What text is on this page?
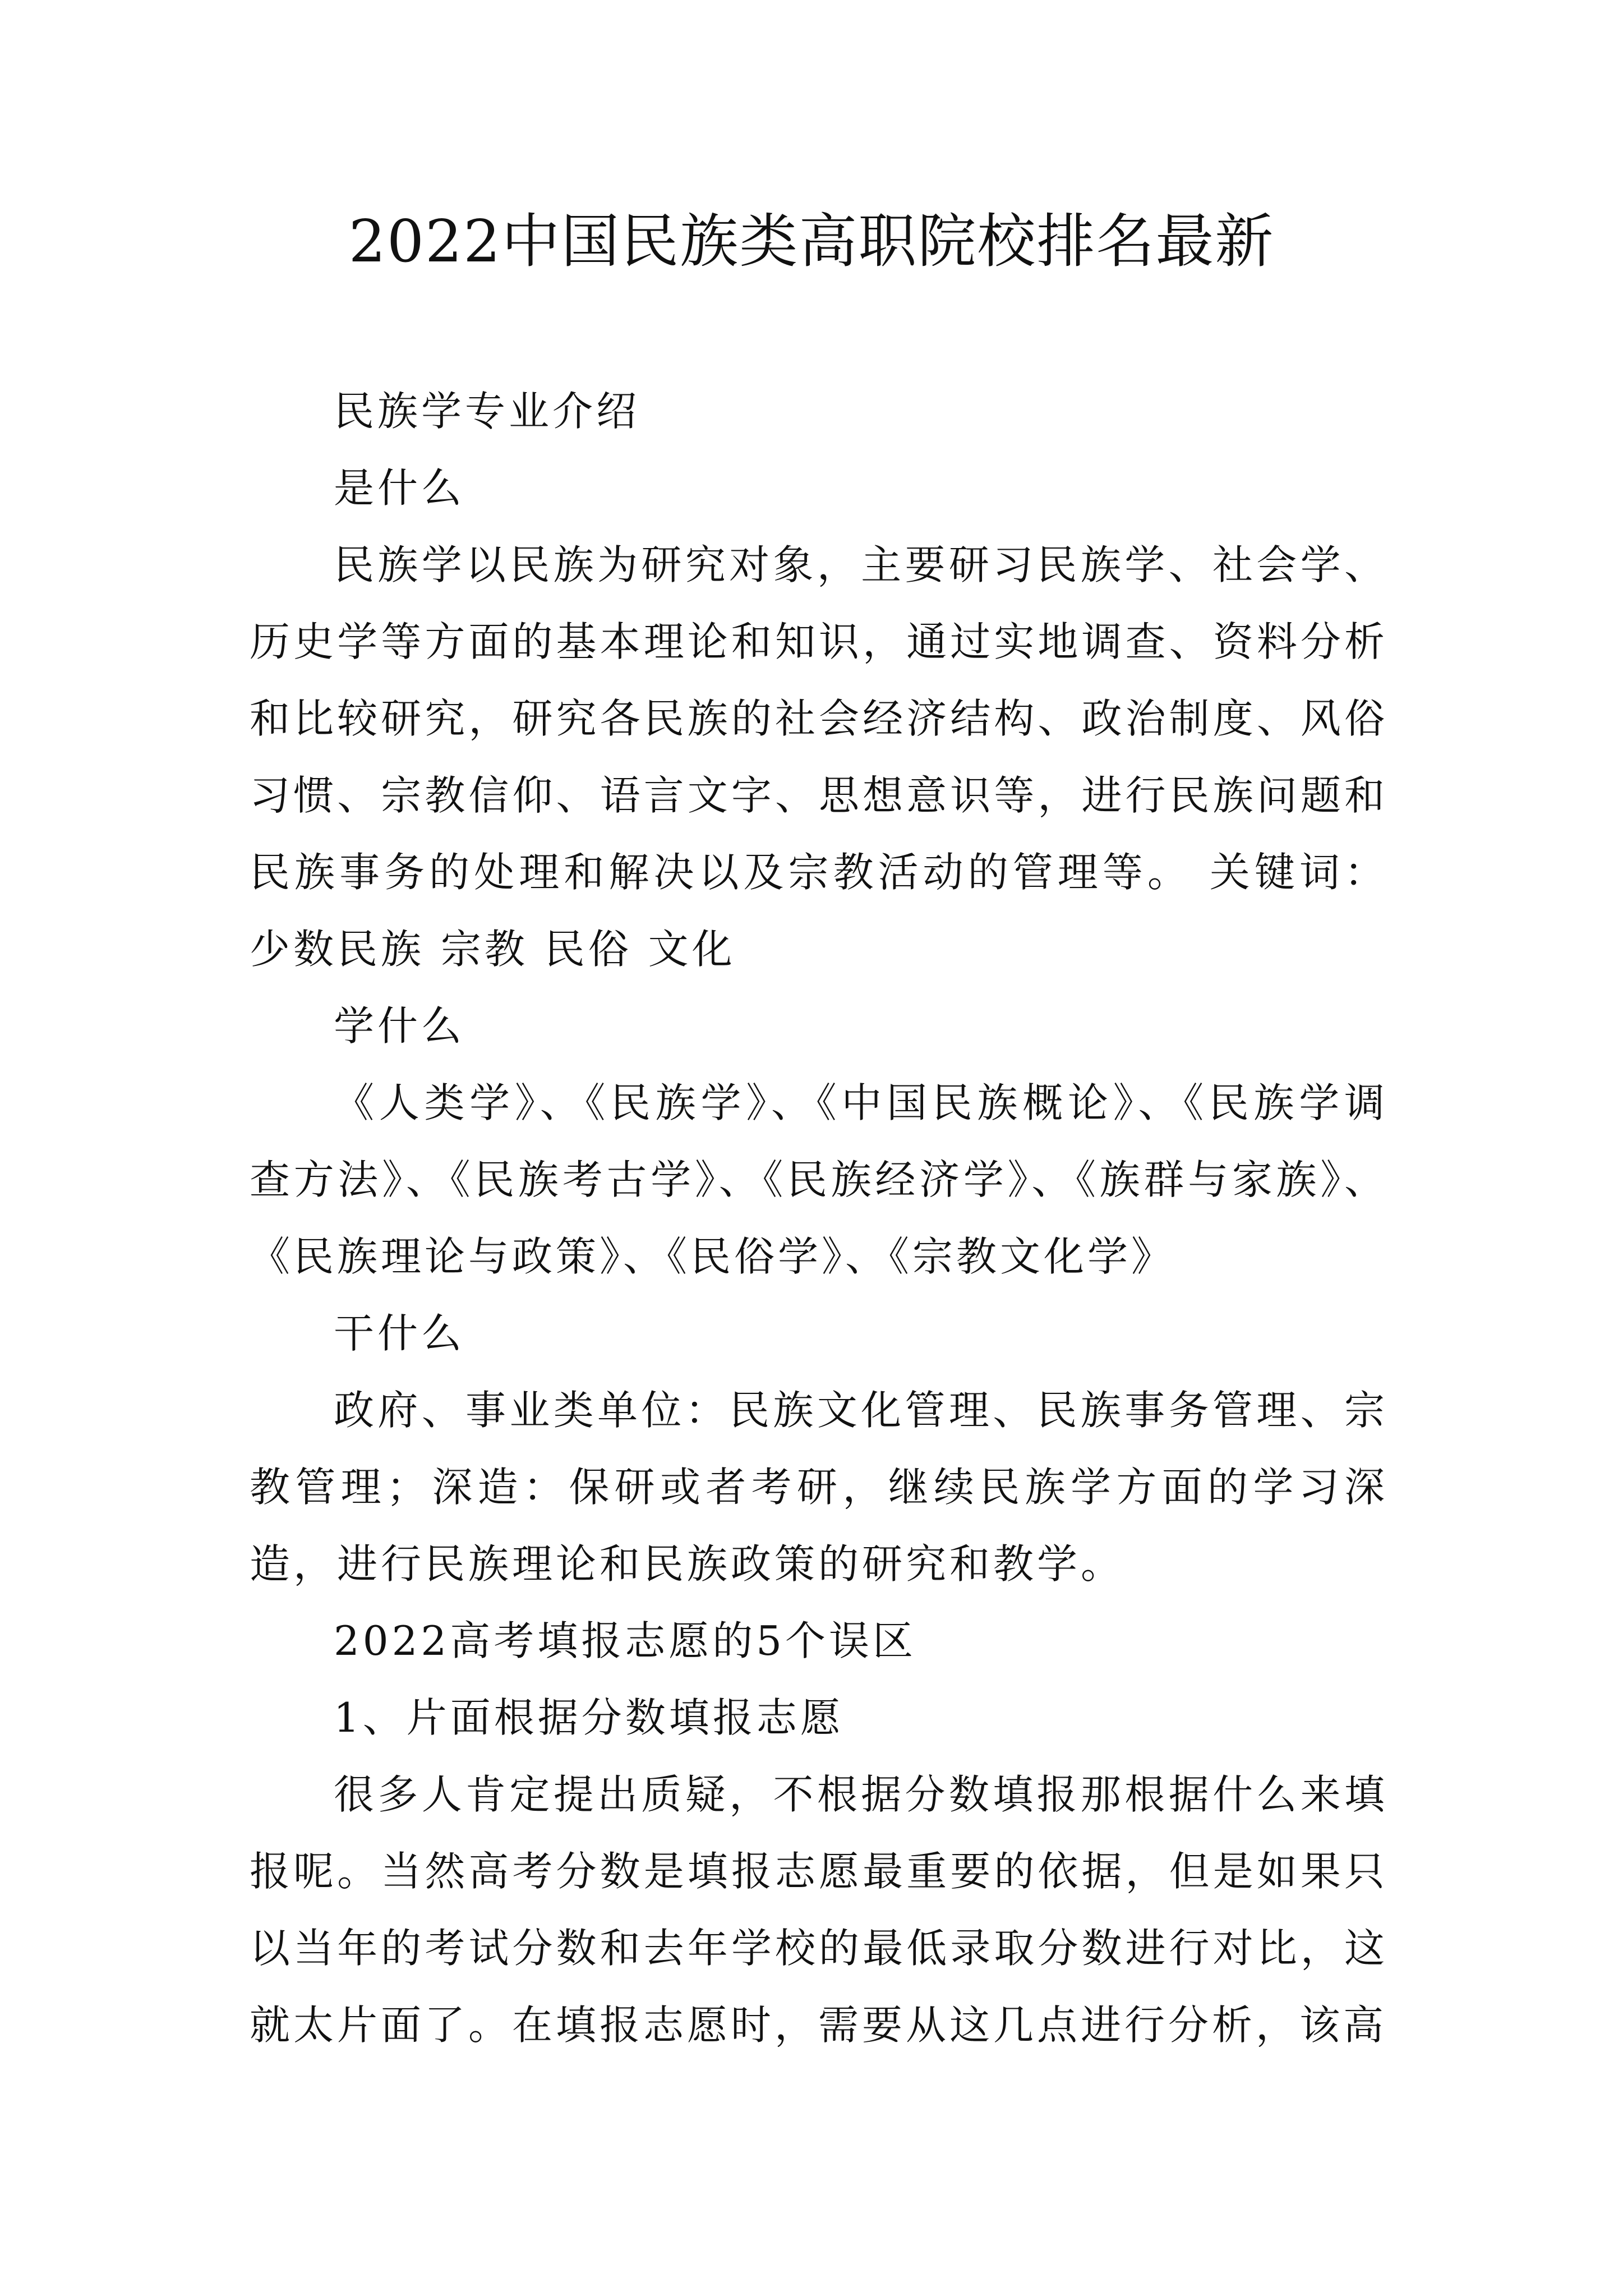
2022中国民族类高职院校排名最新

民族学专业介绍

是什么

民族学以民族为研究对象，主要研习民族学、社会学、历史学等方面的基本理论和知识，通过实地调查、资料分析和比较研究，研究各民族的社会经济结构、政治制度、风俗习惯、宗教信仰、语言文字、思想意识等，进行民族问题和民族事务的处理和解决以及宗教活动的管理等。 关键词：少数民族 宗教 民俗 文化

学什么

《人类学》、《民族学》、《中国民族概论》、《民族学调查方法》、《民族考古学》、《民族经济学》、《族群与家族》、《民族理论与政策》、《民俗学》、《宗教文化学》

干什么

政府、事业类单位：民族文化管理、民族事务管理、宗教管理；深造：保研或者考研，继续民族学方面的学习深造，进行民族理论和民族政策的研究和教学。

2022高考填报志愿的5个误区

1、片面根据分数填报志愿

很多人肯定提出质疑，不根据分数填报那根据什么来填报呢。当然高考分数是填报志愿最重要的依据，但是如果只以当年的考试分数和去年学校的最低录取分数进行对比，这就太片面了。在填报志愿时，需要从这几点进行分析，该高
